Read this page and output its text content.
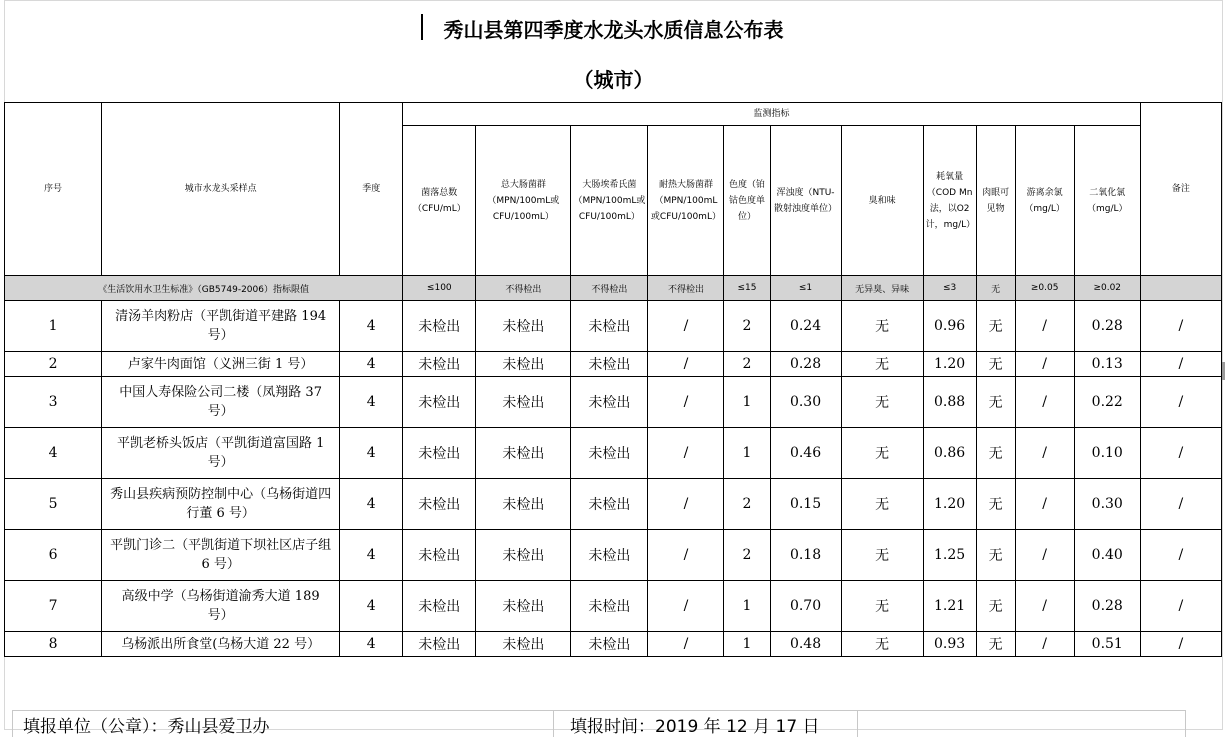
秀山县第四季度水龙头水质信息公布表
（城市）
序号	城市水龙头采样点	季度	监测指标											备注
			菌落总数（CFU/mL）	总大肠菌群（MPN/100mL或CFU/100mL）	大肠埃希氏菌（MPN/100mL或CFU/100mL）	耐热大肠菌群（MPN/100mL或CFU/100mL）	色度（铂钴色度单位）	浑浊度（NTU-散射浊度单位）	臭和味	耗氧量（COD Mn法，以O2计，mg/L）	肉眼可见物	游离余氯（mg/L）	二氧化氯（mg/L）	
《生活饮用水卫生标准》（GB5749-2006）指标限值			≤100	不得检出	不得检出	不得检出	≤15	≤1	无异臭、异味	≤3	无	≥0.05	≥0.02	
1	清汤羊肉粉店（平凯街道平建路 194 号）	4	未检出	未检出	未检出	/	2	0.24	无	0.96	无	/	0.28	/
2	卢家牛肉面馆（义洲三街 1 号）	4	未检出	未检出	未检出	/	2	0.28	无	1.20	无	/	0.13	/
3	中国人寿保险公司二楼（凤翔路 37 号）	4	未检出	未检出	未检出	/	1	0.30	无	0.88	无	/	0.22	/
4	平凯老桥头饭店（平凯街道富国路 1 号）	4	未检出	未检出	未检出	/	1	0.46	无	0.86	无	/	0.10	/
5	秀山县疾病预防控制中心（乌杨街道四行董 6 号）	4	未检出	未检出	未检出	/	2	0.15	无	1.20	无	/	0.30	/
6	平凯门诊二（平凯街道下坝社区店子组 6 号）	4	未检出	未检出	未检出	/	2	0.18	无	1.25	无	/	0.40	/
7	高级中学（乌杨街道渝秀大道 189 号）	4	未检出	未检出	未检出	/	1	0.70	无	1.21	无	/	0.28	/
8	乌杨派出所食堂(乌杨大道 22 号）	4	未检出	未检出	未检出	/	1	0.48	无	0.93	无	/	0.51	/
填报单位（公章）：秀山县爱卫办	填报时间：2019 年 12 月 17 日
